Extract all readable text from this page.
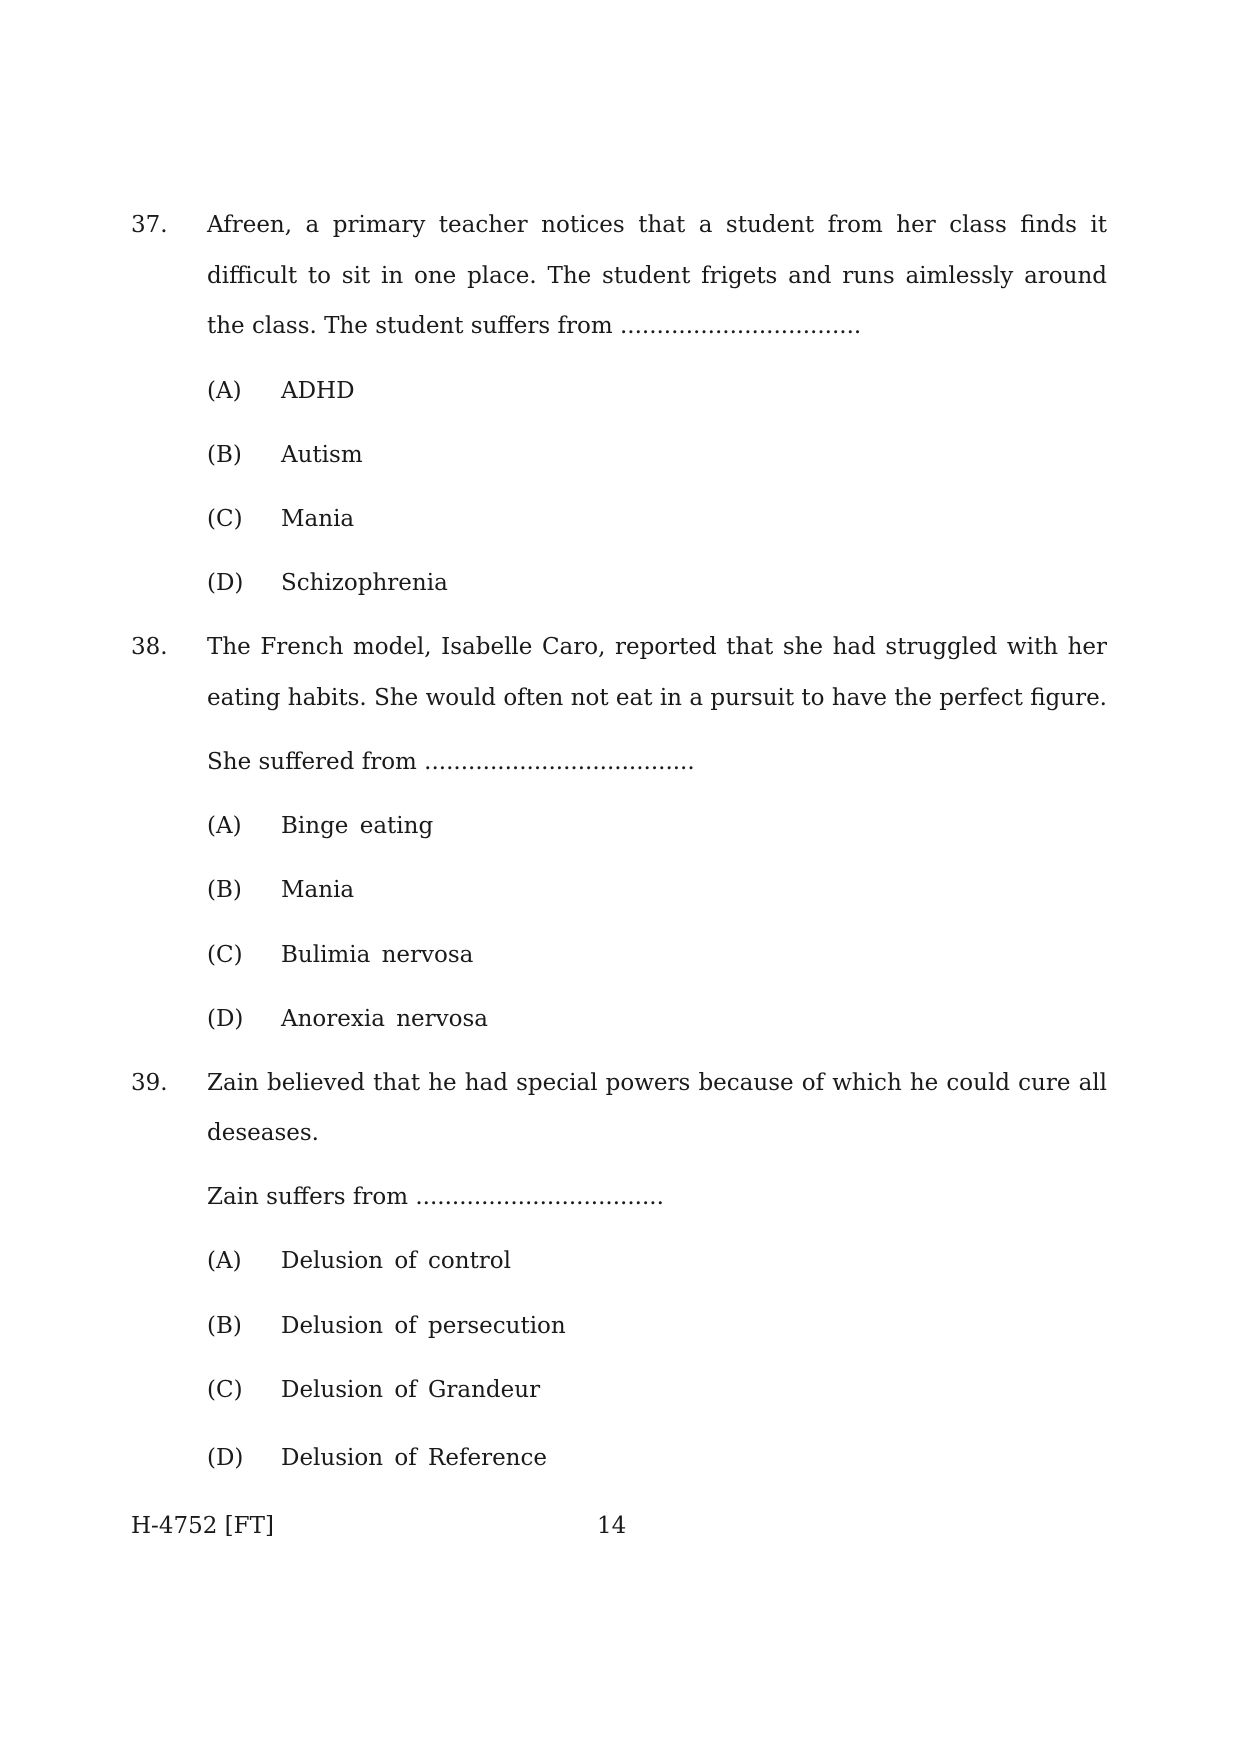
37. Afreen, a primary teacher notices that a student from her class finds it
difficult to sit in one place. The student frigets and runs aimlessly around
the class. The student suffers from .................................
(A) ADHD
(B) Autism
(C) Mania
(D) Schizophrenia
38. The French model, Isabelle Caro, reported that she had struggled with her
eating habits. She would often not eat in a pursuit to have the perfect figure.
She suffered from .....................................
(A) Binge eating
(B) Mania
(C) Bulimia nervosa
(D) Anorexia nervosa
39. Zain believed that he had special powers because of which he could cure all
deseases.
Zain suffers from ..................................
(A) Delusion of control
(B) Delusion of persecution
(C) Delusion of Grandeur
(D) Delusion of Reference
H-4752 [FT]	14
